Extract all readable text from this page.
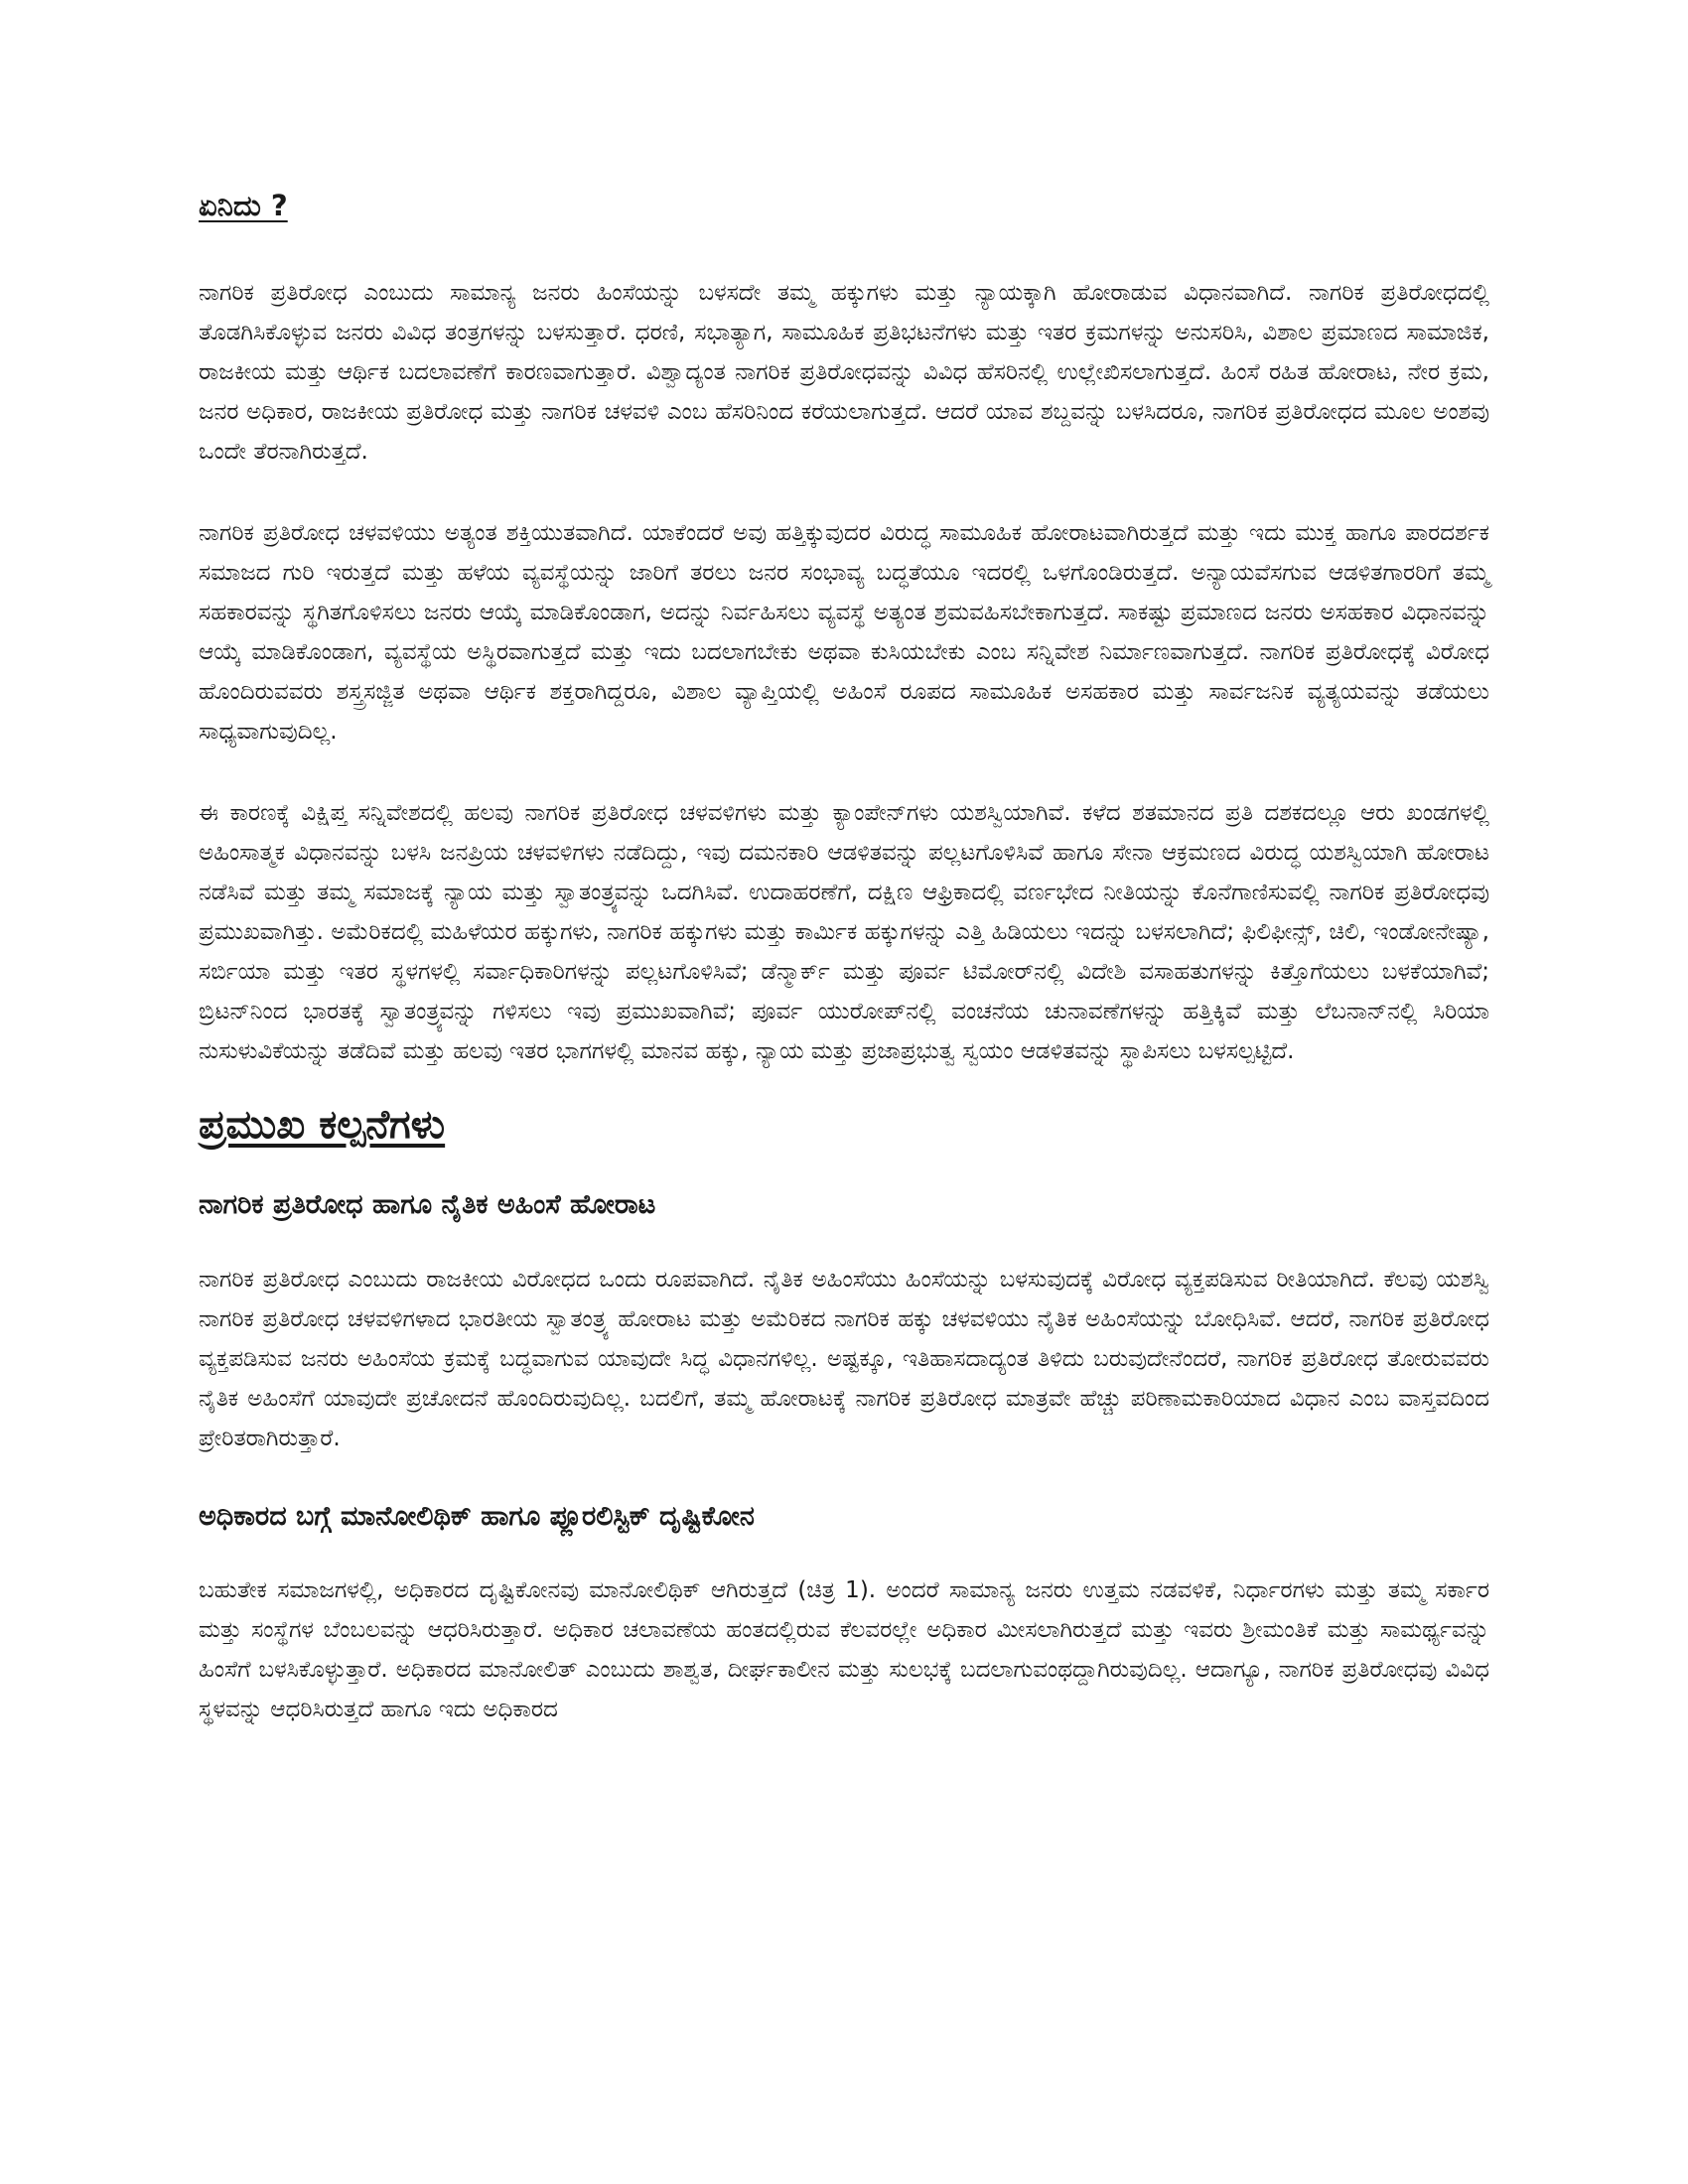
ಏನಿದು ?

ನಾಗರಿಕ ಪ್ರತಿರೋಧ ಎಂಬುದು ಸಾಮಾನ್ಯ ಜನರು ಹಿಂಸೆಯನ್ನು ಬಳಸದೇ ತಮ್ಮ ಹಕ್ಕುಗಳು ಮತ್ತು ನ್ಯಾಯಕ್ಕಾಗಿ ಹೋರಾಡುವ ವಿಧಾನವಾಗಿದೆ. ನಾಗರಿಕ ಪ್ರತಿರೋಧದಲ್ಲಿ ತೊಡಗಿಸಿಕೊಳ್ಳುವ ಜನರು ವಿವಿಧ ತಂತ್ರಗಳನ್ನು ಬಳಸುತ್ತಾರೆ. ಧರಣಿ, ಸಭಾತ್ಯಾಗ, ಸಾಮೂಹಿಕ ಪ್ರತಿಭಟನೆಗಳು ಮತ್ತು ಇತರ ಕ್ರಮಗಳನ್ನು ಅನುಸರಿಸಿ, ವಿಶಾಲ ಪ್ರಮಾಣದ ಸಾಮಾಜಿಕ, ರಾಜಕೀಯ ಮತ್ತು ಆರ್ಥಿಕ ಬದಲಾವಣೆಗೆ ಕಾರಣವಾಗುತ್ತಾರೆ. ವಿಶ್ವಾದ್ಯಂತ ನಾಗರಿಕ ಪ್ರತಿರೋಧವನ್ನು ವಿವಿಧ ಹೆಸರಿನಲ್ಲಿ ಉಲ್ಲೇಖಿಸಲಾಗುತ್ತದೆ. ಹಿಂಸೆ ರಹಿತ ಹೋರಾಟ, ನೇರ ಕ್ರಮ, ಜನರ ಅಧಿಕಾರ, ರಾಜಕೀಯ ಪ್ರತಿರೋಧ ಮತ್ತು ನಾಗರಿಕ ಚಳವಳಿ ಎಂಬ ಹೆಸರಿನಿಂದ ಕರೆಯಲಾಗುತ್ತದೆ. ಆದರೆ ಯಾವ ಶಬ್ದವನ್ನು ಬಳಸಿದರೂ, ನಾಗರಿಕ ಪ್ರತಿರೋಧದ ಮೂಲ ಅಂಶವು ಒಂದೇ ತೆರನಾಗಿರುತ್ತದೆ.

ನಾಗರಿಕ ಪ್ರತಿರೋಧ ಚಳವಳಿಯು ಅತ್ಯಂತ ಶಕ್ತಿಯುತವಾಗಿದೆ. ಯಾಕೆಂದರೆ ಅವು ಹತ್ತಿಕ್ಕುವುದರ ವಿರುದ್ಧ ಸಾಮೂಹಿಕ ಹೋರಾಟವಾಗಿರುತ್ತದೆ ಮತ್ತು ಇದು ಮುಕ್ತ ಹಾಗೂ ಪಾರದರ್ಶಕ ಸಮಾಜದ ಗುರಿ ಇರುತ್ತದೆ ಮತ್ತು ಹಳೆಯ ವ್ಯವಸ್ಥೆಯನ್ನು ಜಾರಿಗೆ ತರಲು ಜನರ ಸಂಭಾವ್ಯ ಬದ್ಧತೆಯೂ ಇದರಲ್ಲಿ ಒಳಗೊಂಡಿರುತ್ತದೆ. ಅನ್ಯಾಯವೆಸಗುವ ಆಡಳಿತಗಾರರಿಗೆ ತಮ್ಮ ಸಹಕಾರವನ್ನು ಸ್ಥಗಿತಗೊಳಿಸಲು ಜನರು ಆಯ್ಕೆ ಮಾಡಿಕೊಂಡಾಗ, ಅದನ್ನು ನಿರ್ವಹಿಸಲು ವ್ಯವಸ್ಥೆ ಅತ್ಯಂತ ಶ್ರಮವಹಿಸಬೇಕಾಗುತ್ತದೆ. ಸಾಕಷ್ಟು ಪ್ರಮಾಣದ ಜನರು ಅಸಹಕಾರ ವಿಧಾನವನ್ನು ಆಯ್ಕೆ ಮಾಡಿಕೊಂಡಾಗ, ವ್ಯವಸ್ಥೆಯ ಅಸ್ಥಿರವಾಗುತ್ತದೆ ಮತ್ತು ಇದು ಬದಲಾಗಬೇಕು ಅಥವಾ ಕುಸಿಯಬೇಕು ಎಂಬ ಸನ್ನಿವೇಶ ನಿರ್ಮಾಣವಾಗುತ್ತದೆ. ನಾಗರಿಕ ಪ್ರತಿರೋಧಕ್ಕೆ ವಿರೋಧ ಹೊಂದಿರುವವರು ಶಸ್ತ್ರಸಜ್ಜಿತ ಅಥವಾ ಆರ್ಥಿಕ ಶಕ್ತರಾಗಿದ್ದರೂ, ವಿಶಾಲ ವ್ಯಾಪ್ತಿಯಲ್ಲಿ ಅಹಿಂಸೆ ರೂಪದ ಸಾಮೂಹಿಕ ಅಸಹಕಾರ ಮತ್ತು ಸಾರ್ವಜನಿಕ ವ್ಯತ್ಯಯವನ್ನು ತಡೆಯಲು ಸಾಧ್ಯವಾಗುವುದಿಲ್ಲ.

ಈ ಕಾರಣಕ್ಕೆ ವಿಕ್ಷಿಪ್ತ ಸನ್ನಿವೇಶದಲ್ಲಿ ಹಲವು ನಾಗರಿಕ ಪ್ರತಿರೋಧ ಚಳವಳಿಗಳು ಮತ್ತು ಕ್ಯಾಂಪೇನ್‌ಗಳು ಯಶಸ್ವಿಯಾಗಿವೆ. ಕಳೆದ ಶತಮಾನದ ಪ್ರತಿ ದಶಕದಲ್ಲೂ ಆರು ಖಂಡಗಳಲ್ಲಿ ಅಹಿಂಸಾತ್ಮಕ ವಿಧಾನವನ್ನು ಬಳಸಿ ಜನಪ್ರಿಯ ಚಳವಳಿಗಳು ನಡೆದಿದ್ದು, ಇವು ದಮನಕಾರಿ ಆಡಳಿತವನ್ನು ಪಲ್ಲಟಗೊಳಿಸಿವೆ ಹಾಗೂ ಸೇನಾ ಆಕ್ರಮಣದ ವಿರುದ್ಧ ಯಶಸ್ವಿಯಾಗಿ ಹೋರಾಟ ನಡೆಸಿವೆ ಮತ್ತು ತಮ್ಮ ಸಮಾಜಕ್ಕೆ ನ್ಯಾಯ ಮತ್ತು ಸ್ವಾತಂತ್ರ್ಯವನ್ನು ಒದಗಿಸಿವೆ. ಉದಾಹರಣೆಗೆ, ದಕ್ಷಿಣ ಆಫ್ರಿಕಾದಲ್ಲಿ ವರ್ಣಭೇದ ನೀತಿಯನ್ನು ಕೊನೆಗಾಣಿಸುವಲ್ಲಿ ನಾಗರಿಕ ಪ್ರತಿರೋಧವು ಪ್ರಮುಖವಾಗಿತ್ತು. ಅಮೆರಿಕದಲ್ಲಿ ಮಹಿಳೆಯರ ಹಕ್ಕುಗಳು, ನಾಗರಿಕ ಹಕ್ಕುಗಳು ಮತ್ತು ಕಾರ್ಮಿಕ ಹಕ್ಕುಗಳನ್ನು ಎತ್ತಿ ಹಿಡಿಯಲು ಇದನ್ನು ಬಳಸಲಾಗಿದೆ; ಫಿಲಿಫೀನ್ಸ್, ಚಿಲಿ, ಇಂಡೋನೇಷ್ಯಾ, ಸರ್ಬಿಯಾ ಮತ್ತು ಇತರ ಸ್ಥಳಗಳಲ್ಲಿ ಸರ್ವಾಧಿಕಾರಿಗಳನ್ನು ಪಲ್ಲಟಗೊಳಿಸಿವೆ; ಡೆನ್ಮಾರ್ಕ್ ಮತ್ತು ಪೂರ್ವ ಟಿಮೋರ್‌ನಲ್ಲಿ ವಿದೇಶಿ ವಸಾಹತುಗಳನ್ನು ಕಿತ್ತೊಗೆಯಲು ಬಳಕೆಯಾಗಿವೆ; ಬ್ರಿಟನ್‌ನಿಂದ ಭಾರತಕ್ಕೆ ಸ್ವಾತಂತ್ರ್ಯವನ್ನು ಗಳಿಸಲು ಇವು ಪ್ರಮುಖವಾಗಿವೆ; ಪೂರ್ವ ಯುರೋಪ್‌ನಲ್ಲಿ ವಂಚನೆಯ ಚುನಾವಣೆಗಳನ್ನು ಹತ್ತಿಕ್ಕಿವೆ ಮತ್ತು ಲೆಬನಾನ್‌ನಲ್ಲಿ ಸಿರಿಯಾ ನುಸುಳುವಿಕೆಯನ್ನು ತಡೆದಿವೆ ಮತ್ತು ಹಲವು ಇತರ ಭಾಗಗಳಲ್ಲಿ ಮಾನವ ಹಕ್ಕು, ನ್ಯಾಯ ಮತ್ತು ಪ್ರಜಾಪ್ರಭುತ್ವ ಸ್ವಯಂ ಆಡಳಿತವನ್ನು ಸ್ಥಾಪಿಸಲು ಬಳಸಲ್ಪಟ್ಟಿದೆ.

ಪ್ರಮುಖ ಕಲ್ಪನೆಗಳು
ನಾಗರಿಕ ಪ್ರತಿರೋಧ ಹಾಗೂ ನೈತಿಕ ಅಹಿಂಸೆ ಹೋರಾಟ

ನಾಗರಿಕ ಪ್ರತಿರೋಧ ಎಂಬುದು ರಾಜಕೀಯ ವಿರೋಧದ ಒಂದು ರೂಪವಾಗಿದೆ. ನೈತಿಕ ಅಹಿಂಸೆಯು ಹಿಂಸೆಯನ್ನು ಬಳಸುವುದಕ್ಕೆ ವಿರೋಧ ವ್ಯಕ್ತಪಡಿಸುವ ರೀತಿಯಾಗಿದೆ. ಕೆಲವು ಯಶಸ್ವಿ ನಾಗರಿಕ ಪ್ರತಿರೋಧ ಚಳವಳಿಗಳಾದ ಭಾರತೀಯ ಸ್ವಾತಂತ್ರ್ಯ ಹೋರಾಟ ಮತ್ತು ಅಮೆರಿಕದ ನಾಗರಿಕ ಹಕ್ಕು ಚಳವಳಿಯು ನೈತಿಕ ಅಹಿಂಸೆಯನ್ನು ಬೋಧಿಸಿವೆ. ಆದರೆ, ನಾಗರಿಕ ಪ್ರತಿರೋಧ ವ್ಯಕ್ತಪಡಿಸುವ ಜನರು ಅಹಿಂಸೆಯ ಕ್ರಮಕ್ಕೆ ಬದ್ಧವಾಗುವ ಯಾವುದೇ ಸಿದ್ಧ ವಿಧಾನಗಳಿಲ್ಲ. ಅಷ್ಟಕ್ಕೂ, ಇತಿಹಾಸದಾದ್ಯಂತ ತಿಳಿದು ಬರುವುದೇನೆಂದರೆ, ನಾಗರಿಕ ಪ್ರತಿರೋಧ ತೋರುವವರು ನೈತಿಕ ಅಹಿಂಸೆಗೆ ಯಾವುದೇ ಪ್ರಚೋದನೆ ಹೊಂದಿರುವುದಿಲ್ಲ. ಬದಲಿಗೆ, ತಮ್ಮ ಹೋರಾಟಕ್ಕೆ ನಾಗರಿಕ ಪ್ರತಿರೋಧ ಮಾತ್ರವೇ ಹೆಚ್ಚು ಪರಿಣಾಮಕಾರಿಯಾದ ವಿಧಾನ ಎಂಬ ವಾಸ್ತವದಿಂದ ಪ್ರೇರಿತರಾಗಿರುತ್ತಾರೆ.

ಅಧಿಕಾರದ ಬಗ್ಗೆ ಮಾನೋಲಿಥಿಕ್ ಹಾಗೂ ಪ್ಲೂರಲಿಸ್ಟಿಕ್ ದೃಷ್ಟಿಕೋನ

ಬಹುತೇಕ ಸಮಾಜಗಳಲ್ಲಿ, ಅಧಿಕಾರದ ದೃಷ್ಟಿಕೋನವು ಮಾನೋಲಿಥಿಕ್ ಆಗಿರುತ್ತದೆ (ಚಿತ್ರ 1). ಅಂದರೆ ಸಾಮಾನ್ಯ ಜನರು ಉತ್ತಮ ನಡವಳಿಕೆ, ನಿರ್ಧಾರಗಳು ಮತ್ತು ತಮ್ಮ ಸರ್ಕಾರ ಮತ್ತು ಸಂಸ್ಥೆಗಳ ಬೆಂಬಲವನ್ನು ಆಧರಿಸಿರುತ್ತಾರೆ. ಅಧಿಕಾರ ಚಲಾವಣೆಯ ಹಂತದಲ್ಲಿರುವ ಕೆಲವರಲ್ಲೇ ಅಧಿಕಾರ ಮೀಸಲಾಗಿರುತ್ತದೆ ಮತ್ತು ಇವರು ಶ್ರೀಮಂತಿಕೆ ಮತ್ತು ಸಾಮರ್ಥ್ಯವನ್ನು ಹಿಂಸೆಗೆ ಬಳಸಿಕೊಳ್ಳುತ್ತಾರೆ. ಅಧಿಕಾರದ ಮಾನೋಲಿತ್ ಎಂಬುದು ಶಾಶ್ವತ, ದೀರ್ಘಕಾಲೀನ ಮತ್ತು ಸುಲಭಕ್ಕೆ ಬದಲಾಗುವಂಥದ್ದಾಗಿರುವುದಿಲ್ಲ. ಆದಾಗ್ಯೂ, ನಾಗರಿಕ ಪ್ರತಿರೋಧವು ವಿವಿಧ ಸ್ಥಳವನ್ನು ಆಧರಿಸಿರುತ್ತದೆ ಹಾಗೂ ಇದು ಅಧಿಕಾರದ
